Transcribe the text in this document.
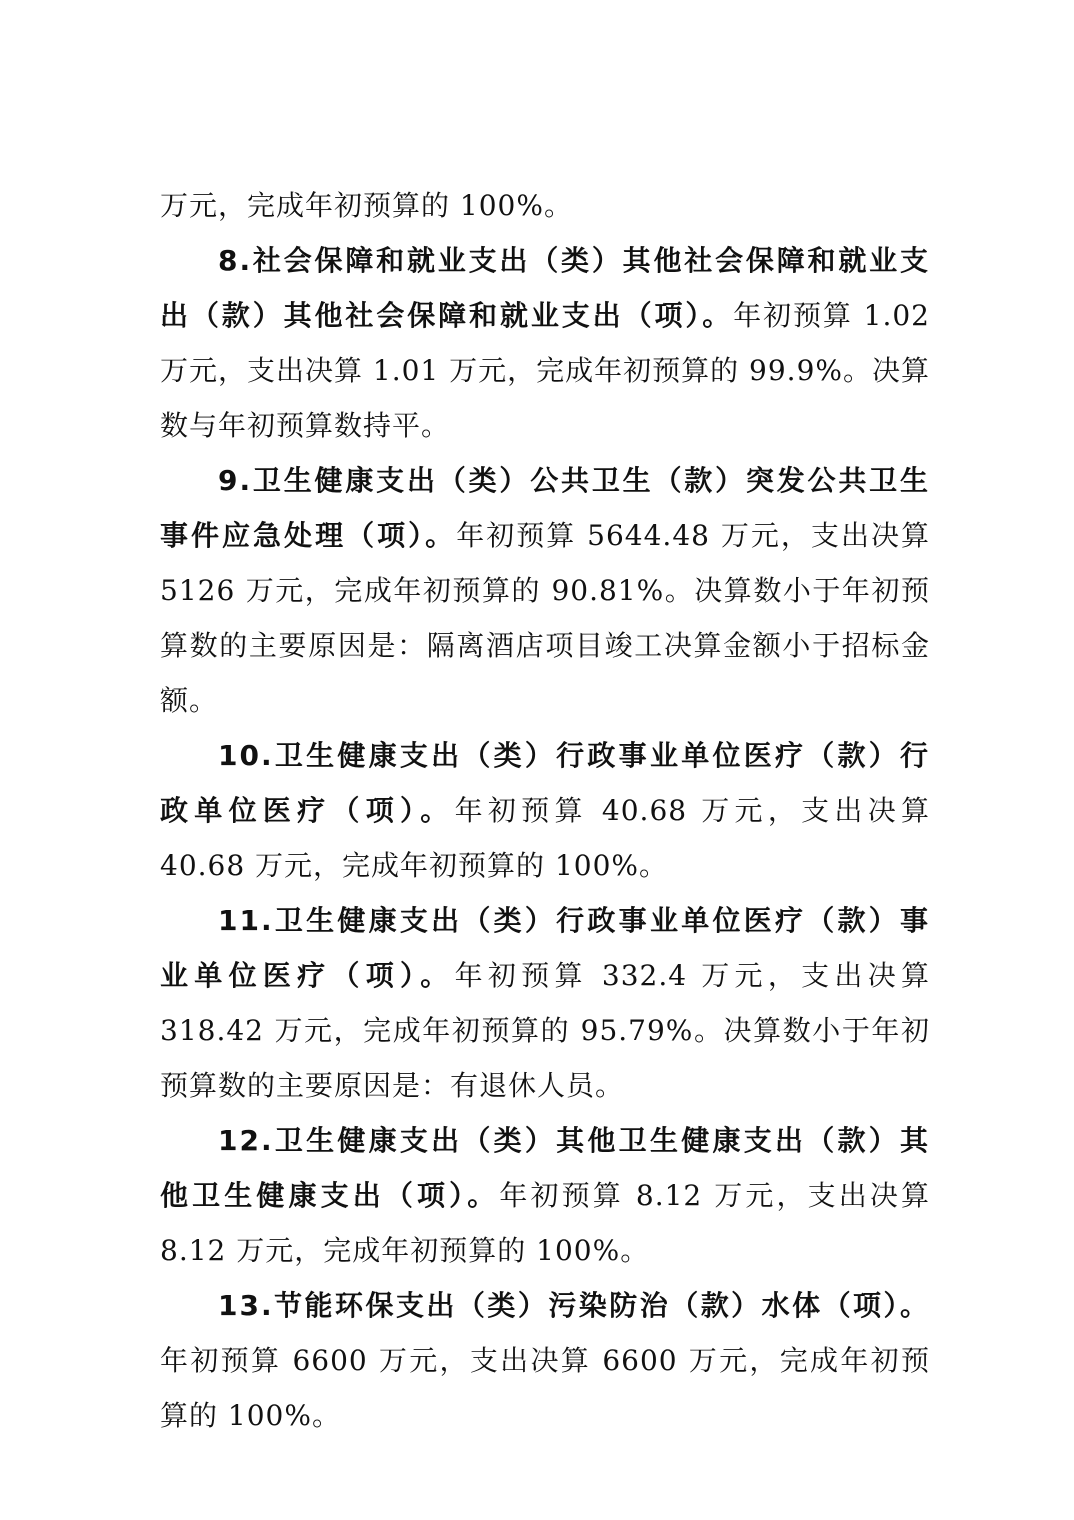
万元，完成年初预算的 100%。

8.社会保障和就业支出（类）其他社会保障和就业支出（款）其他社会保障和就业支出（项）。年初预算 1.02 万元，支出决算 1.01 万元，完成年初预算的 99.9%。决算数与年初预算数持平。

9.卫生健康支出（类）公共卫生（款）突发公共卫生事件应急处理（项）。年初预算 5644.48 万元，支出决算 5126 万元，完成年初预算的 90.81%。决算数小于年初预算数的主要原因是：隔离酒店项目竣工决算金额小于招标金额。

10.卫生健康支出（类）行政事业单位医疗（款）行政单位医疗（项）。年初预算 40.68 万元，支出决算 40.68 万元，完成年初预算的 100%。

11.卫生健康支出（类）行政事业单位医疗（款）事业单位医疗（项）。年初预算 332.4 万元，支出决算 318.42 万元，完成年初预算的 95.79%。决算数小于年初预算数的主要原因是：有退休人员。

12.卫生健康支出（类）其他卫生健康支出（款）其他卫生健康支出（项）。年初预算 8.12 万元，支出决算 8.12 万元，完成年初预算的 100%。

13.节能环保支出（类）污染防治（款）水体（项）。年初预算 6600 万元，支出决算 6600 万元，完成年初预算的 100%。
